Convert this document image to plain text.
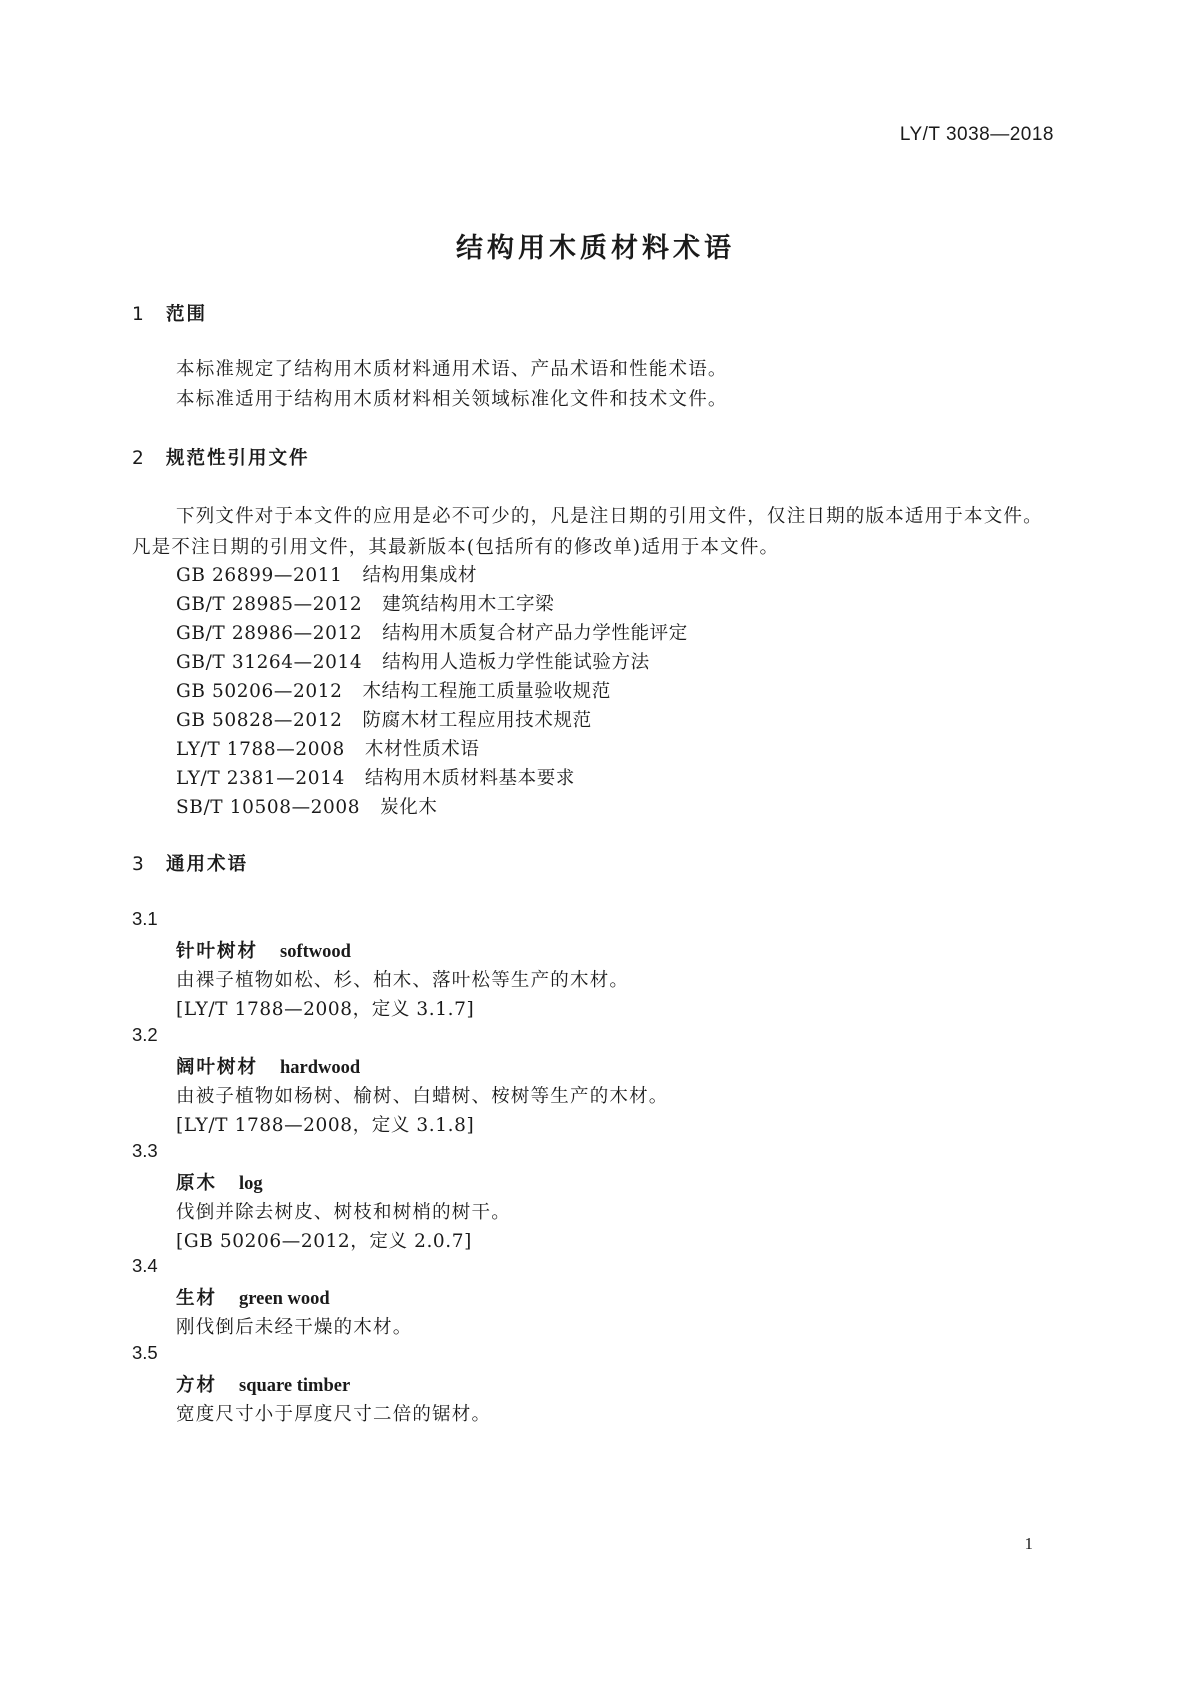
LY/T 3038—2018
结构用木质材料术语
1 范围
本标准规定了结构用木质材料通用术语、产品术语和性能术语。
本标准适用于结构用木质材料相关领域标准化文件和技术文件。
2 规范性引用文件
下列文件对于本文件的应用是必不可少的，凡是注日期的引用文件，仅注日期的版本适用于本文件。凡是不注日期的引用文件，其最新版本(包括所有的修改单)适用于本文件。
GB 26899—2011 结构用集成材
GB/T 28985—2012 建筑结构用木工字梁
GB/T 28986—2012 结构用木质复合材产品力学性能评定
GB/T 31264—2014 结构用人造板力学性能试验方法
GB 50206—2012 木结构工程施工质量验收规范
GB 50828—2012 防腐木材工程应用技术规范
LY/T 1788—2008 木材性质术语
LY/T 2381—2014 结构用木质材料基本要求
SB/T 10508—2008 炭化木
3 通用术语
3.1
针叶树材 softwood
由裸子植物如松、杉、柏木、落叶松等生产的木材。
[LY/T 1788—2008，定义 3.1.7]
3.2
阔叶树材 hardwood
由被子植物如杨树、榆树、白蜡树、桉树等生产的木材。
[LY/T 1788—2008，定义 3.1.8]
3.3
原木 log
伐倒并除去树皮、树枝和树梢的树干。
[GB 50206—2012，定义 2.0.7]
3.4
生材 green wood
刚伐倒后未经干燥的木材。
3.5
方材 square timber
宽度尺寸小于厚度尺寸二倍的锯材。
1
